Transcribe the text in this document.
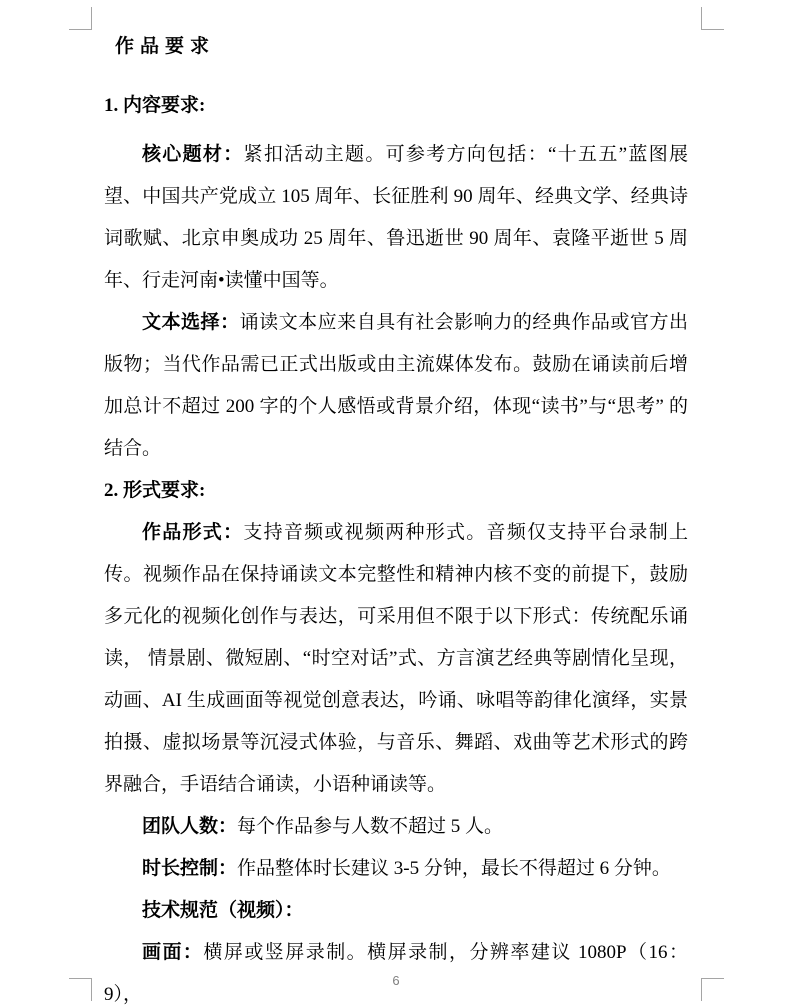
作品要求
1. 内容要求:

核心题材：紧扣活动主题。可参考方向包括：“十五五”蓝图展望、中国共产党成立 105 周年、长征胜利 90 周年、经典文学、经典诗词歌赋、北京申奥成功 25 周年、鲁迅逝世 90 周年、袁隆平逝世 5 周年、行走河南•读懂中国等。

文本选择：诵读文本应来自具有社会影响力的经典作品或官方出版物；当代作品需已正式出版或由主流媒体发布。鼓励在诵读前后增加总计不超过 200 字的个人感悟或背景介绍，体现“读书”与“思考” 的结合。

2. 形式要求:

作品形式：支持音频或视频两种形式。音频仅支持平台录制上传。视频作品在保持诵读文本完整性和精神内核不变的前提下，鼓励多元化的视频化创作与表达，可采用但不限于以下形式：传统配乐诵读， 情景剧、微短剧、“时空对话”式、方言演艺经典等剧情化呈现，动画、AI 生成画面等视觉创意表达，吟诵、咏唱等韵律化演绎，实景拍摄、虚拟场景等沉浸式体验，与音乐、舞蹈、戏曲等艺术形式的跨界融合，手语结合诵读，小语种诵读等。

团队人数：每个作品参与人数不超过 5 人。

时长控制：作品整体时长建议 3-5 分钟，最长不得超过 6 分钟。

技术规范（视频）：

画面：横屏或竖屏录制。横屏录制，分辨率建议 1080P（16：9），

6
